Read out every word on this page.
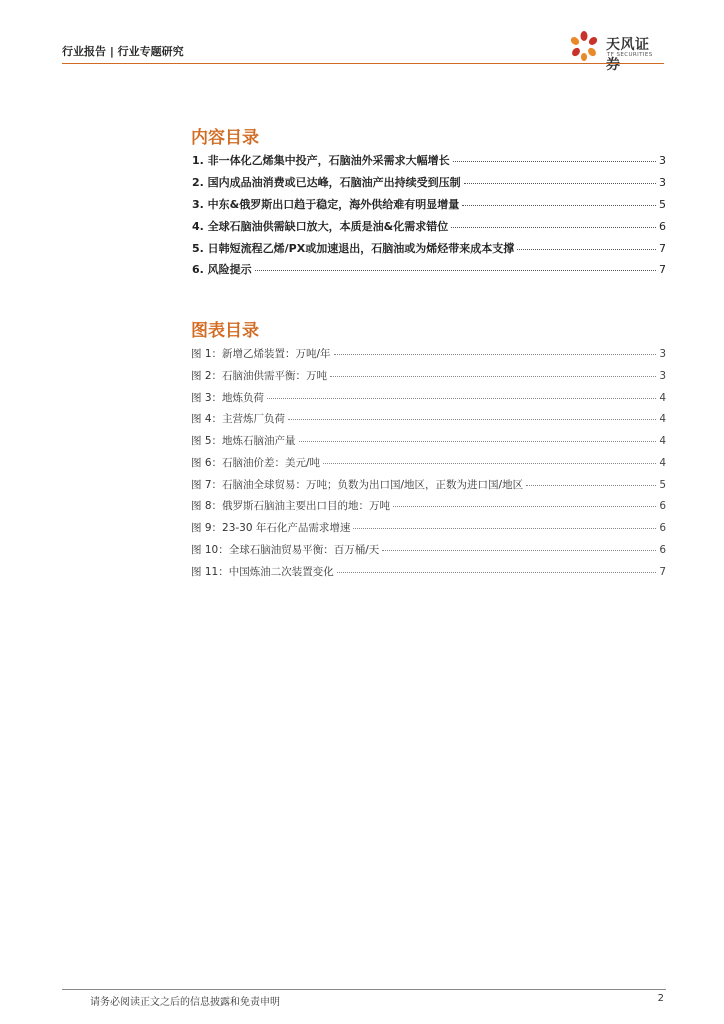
行业报告 | 行业专题研究	天风证券
TF SECURITIES
内容目录
1. 非一体化乙烯集中投产，石脑油外采需求大幅增长	3
2. 国内成品油消费或已达峰，石脑油产出持续受到压制	3
3. 中东&俄罗斯出口趋于稳定，海外供给难有明显增量	5
4. 全球石脑油供需缺口放大，本质是油&化需求错位	6
5. 日韩短流程乙烯/PX或加速退出，石脑油或为烯烃带来成本支撑	7
6. 风险提示	7
图表目录
图 1：新增乙烯装置：万吨/年	3
图 2：石脑油供需平衡：万吨	3
图 3：地炼负荷	4
图 4：主营炼厂负荷	4
图 5：地炼石脑油产量	4
图 6：石脑油价差：美元/吨	4
图 7：石脑油全球贸易：万吨；负数为出口国/地区，正数为进口国/地区	5
图 8：俄罗斯石脑油主要出口目的地：万吨	6
图 9：23-30 年石化产品需求增速	6
图 10：全球石脑油贸易平衡：百万桶/天	6
图 11：中国炼油二次装置变化	7
请务必阅读正文之后的信息披露和免责申明	2
